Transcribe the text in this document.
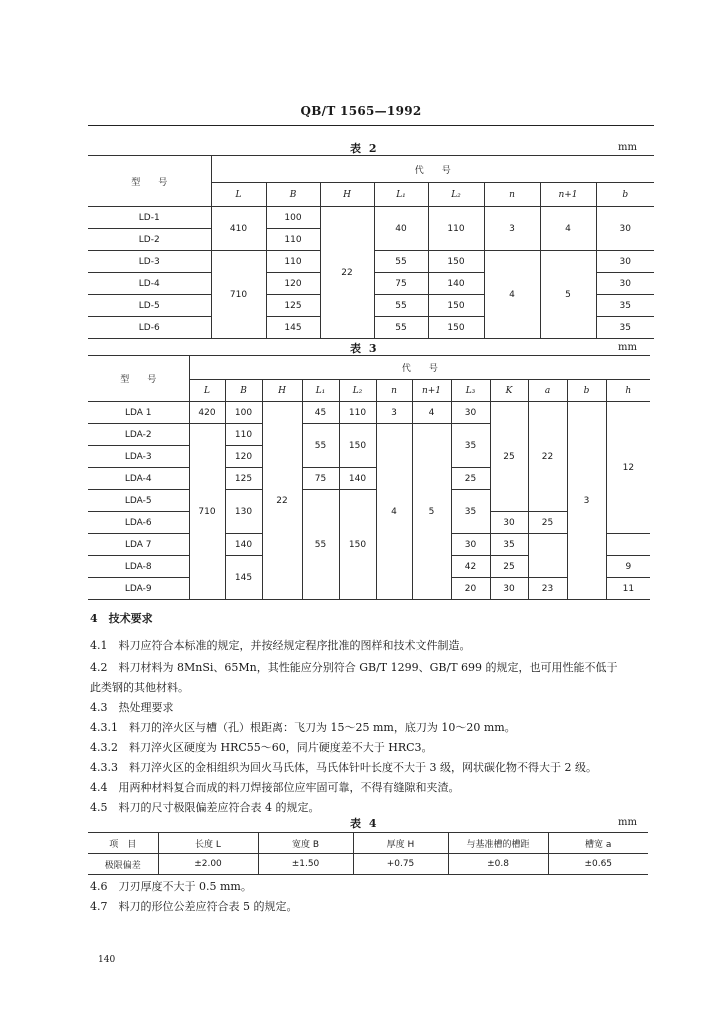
QB/T 1565—1992
表 2	mm
型　　号	代　　号							
	L	B	H	L₁	L₂	n	n+1	b
LD-1	410	100	22	40	110	3	4	30
LD-2		110						
LD-3	710	110		55	150	4	5	30
LD-4		120		75	140			30
LD-5		125		55	150			35
LD-6		145		55	150			35
表 3	mm
型　　号	代　　号											
	L	B	H	L₁	L₂	n	n+1	L₃	K	a	b	h
LDA 1	420	100	22	45	110	3	4	30	25	22	3	12
LDA-2	710	110		55	150	4	5	35				
LDA-3		120										
LDA-4		125		75	140			25				
LDA-5		130		55	150			35				
LDA-6									30	25		
LDA 7		140						30	35			
LDA-8		145						42	25			9
LDA-9								20	30	23		11
4　技术要求
4.1　料刀应符合本标准的规定，并按经规定程序批准的图样和技术文件制造。
4.2　料刀材料为 8MnSi、65Mn，其性能应分别符合 GB/T 1299、GB/T 699 的规定，也可用性能不低于
此类钢的其他材料。
4.3　热处理要求
4.3.1　料刀的淬火区与槽（孔）根距离：飞刀为 15～25 mm，底刀为 10～20 mm。
4.3.2　料刀淬火区硬度为 HRC55～60，同片硬度差不大于 HRC3。
4.3.3　料刀淬火区的金相组织为回火马氏体，马氏体针叶长度不大于 3 级，网状碳化物不得大于 2 级。
4.4　用两种材料复合而成的料刀焊接部位应牢固可靠，不得有缝隙和夹渣。
4.5　料刀的尺寸极限偏差应符合表 4 的规定。
表 4	mm
项　目	长度 L	宽度 B	厚度 H	与基准槽的槽距	槽宽 a
极限偏差	±2.00	±1.50	+0.75	±0.8	±0.65
4.6　刀刃厚度不大于 0.5 mm。
4.7　料刀的形位公差应符合表 5 的规定。
140
